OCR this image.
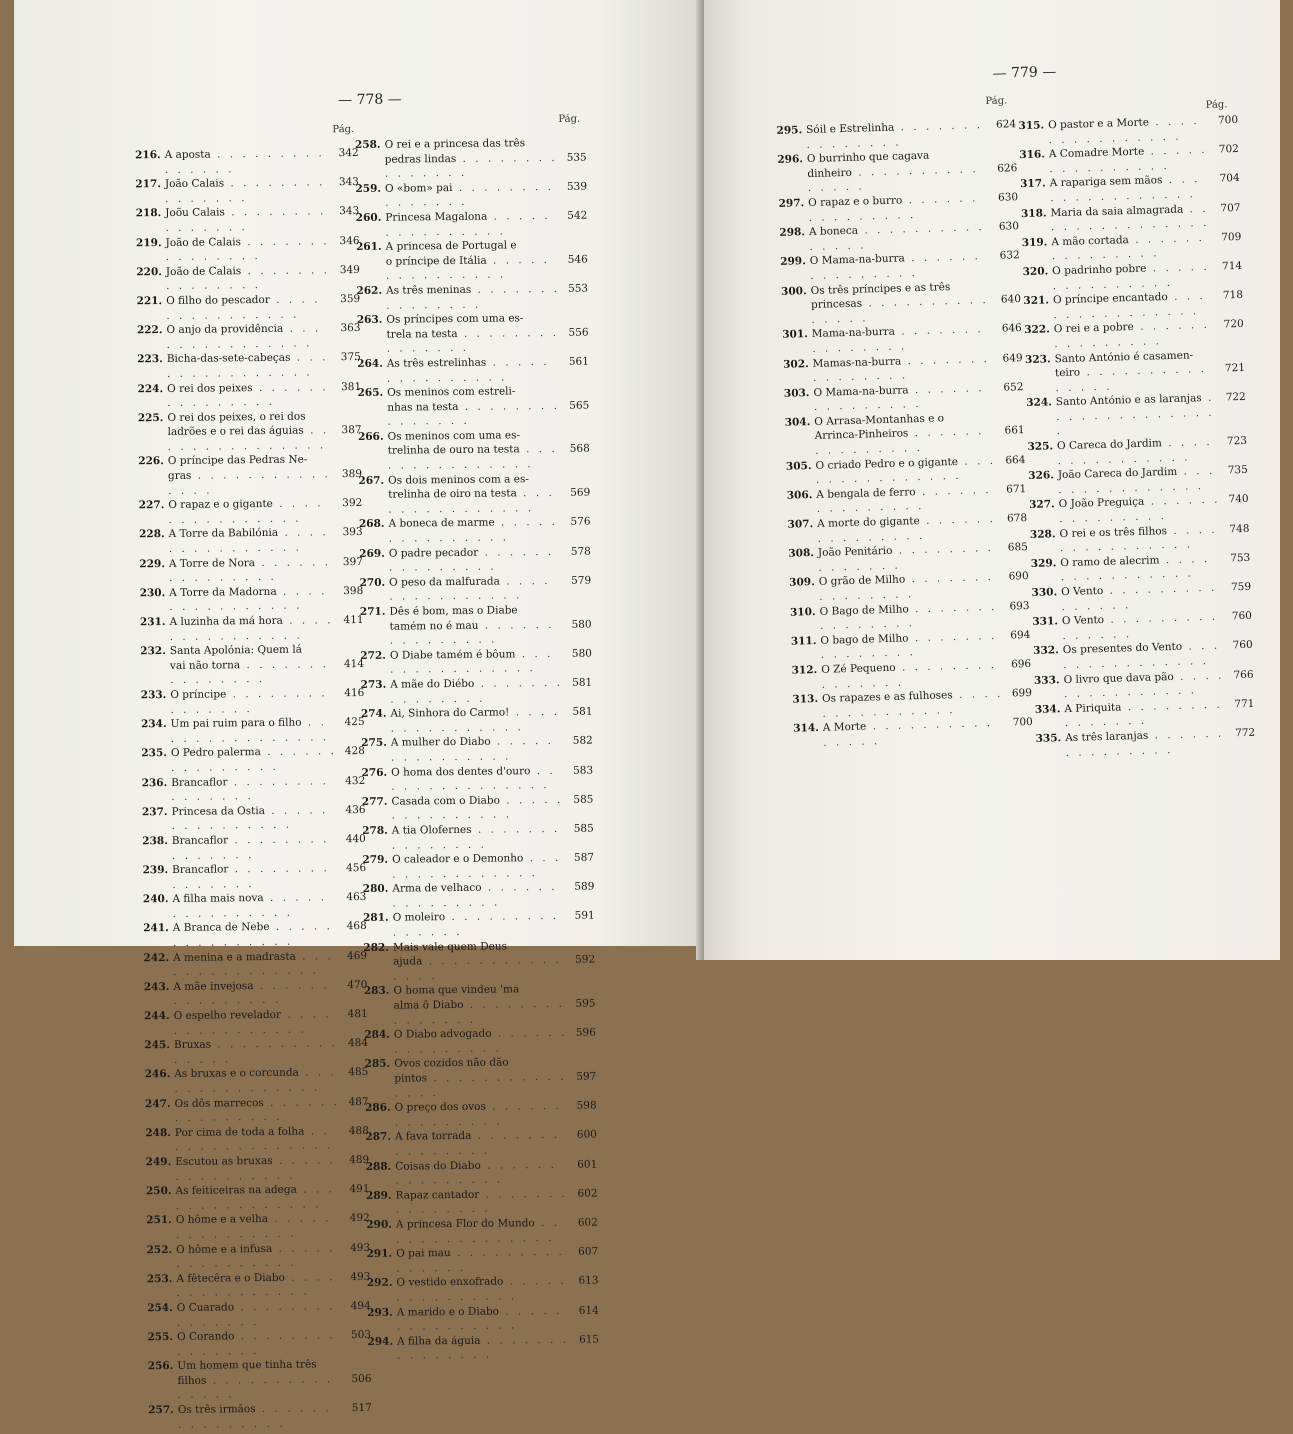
— 778 —
Pág.
216. A aposta . . . . . . . . . . . . . . .
342
217. João Calais . . . . . . . . . . . . . . .
343
218. Joõu Calais . . . . . . . . . . . . . . .
343
219. João de Calais . . . . . . . . . . . . . . .
346
220. João de Calais . . . . . . . . . . . . . . .
349
221. O filho do pescador . . . . . . . . . . . . . . .
359
222. O anjo da providência . . . . . . . . . . . . . . .
363
223. Bicha-das-sete-cabeças . . . . . . . . . . . . . . .
375
224. O rei dos peixes . . . . . . . . . . . . . . .
381
225. O rei dos peixes, o rei dos
ladrões e o rei das águias . . . . . . . . . . . . . . .
387
226. O príncipe das Pedras Ne-
gras . . . . . . . . . . . . . . .
389
227. O rapaz e o gigante . . . . . . . . . . . . . . .
392
228. A Torre da Babilónia . . . . . . . . . . . . . . .
393
229. A Torre de Nora . . . . . . . . . . . . . . .
397
230. A Torre da Madorna . . . . . . . . . . . . . . .
398
231. A luzinha da má hora . . . . . . . . . . . . . . .
411
232. Santa Apolónia: Quem lá
vai não torna . . . . . . . . . . . . . . .
414
233. O príncipe . . . . . . . . . . . . . . .
416
234. Um pai ruim para o filho . . . . . . . . . . . . . . .
425
235. O Pedro palerma . . . . . . . . . . . . . . .
428
236. Brancaflor . . . . . . . . . . . . . . .
432
237. Princesa da Ostia . . . . . . . . . . . . . . .
436
238. Brancaflor . . . . . . . . . . . . . . .
440
239. Brancaflor . . . . . . . . . . . . . . .
456
240. A filha mais nova . . . . . . . . . . . . . . .
463
241. A Branca de Nebe . . . . . . . . . . . . . . .
468
242. A menina e a madrasta . . . . . . . . . . . . . . .
469
243. A mãe invejosa . . . . . . . . . . . . . . .
470
244. O espelho revelador . . . . . . . . . . . . . . .
481
245. Bruxas . . . . . . . . . . . . . . .
484
246. As bruxas e o corcunda . . . . . . . . . . . . . . .
485
247. Os dôs marrecos . . . . . . . . . . . . . . .
487
248. Por cima de toda a folha . . . . . . . . . . . . . . .
488
249. Escutou as bruxas . . . . . . . . . . . . . . .
489
250. As feiticeiras na adega . . . . . . . . . . . . . . .
491
251. O hôme e a velha . . . . . . . . . . . . . . .
492
252. O hôme e a infusa . . . . . . . . . . . . . . .
493
253. A fêtecêra e o Diabo . . . . . . . . . . . . . . .
493
254. O Cuarado . . . . . . . . . . . . . . .
494
255. O Corando . . . . . . . . . . . . . . .
503
256. Um homem que tinha três
filhos . . . . . . . . . . . . . . .
506
257. Os três irmãos . . . . . . . . . . . . . . .
517
Pág.
258. O rei e a princesa das três
pedras lindas . . . . . . . . . . . . . . .
535
259. O «bom» pai . . . . . . . . . . . . . . .
539
260. Princesa Magalona . . . . . . . . . . . . . . .
542
261. A princesa de Portugal e
o príncipe de Itália . . . . . . . . . . . . . . .
546
262. As três meninas . . . . . . . . . . . . . . .
553
263. Os príncipes com uma es-
trela na testa . . . . . . . . . . . . . . .
556
264. As três estrelinhas . . . . . . . . . . . . . . .
561
265. Os meninos com estreli-
nhas na testa . . . . . . . . . . . . . . .
565
266. Os meninos com uma es-
trelinha de ouro na testa . . . . . . . . . . . . . . .
568
267. Os dois meninos com a es-
trelinha de oiro na testa . . . . . . . . . . . . . . .
569
268. A boneca de marme . . . . . . . . . . . . . . .
576
269. O padre pecador . . . . . . . . . . . . . . .
578
270. O peso da malfurada . . . . . . . . . . . . . . .
579
271. Dês é bom, mas o Diabe
tamém no é mau . . . . . . . . . . . . . . .
580
272. O Diabe tamém é bôum . . . . . . . . . . . . . . .
580
273. A mãe do Diébo . . . . . . . . . . . . . . .
581
274. Ai, Sinhora do Carmo! . . . . . . . . . . . . . . .
581
275. A mulher do Diabo . . . . . . . . . . . . . . .
582
276. O homa dos dentes d'ouro . . . . . . . . . . . . . . .
583
277. Casada com o Diabo . . . . . . . . . . . . . . .
585
278. A tia Olofernes . . . . . . . . . . . . . . .
585
279. O caleador e o Demonho . . . . . . . . . . . . . . .
587
280. Arma de velhaco . . . . . . . . . . . . . . .
589
281. O moleiro . . . . . . . . . . . . . . .
591
282. Mais vale quem Deus
ajuda . . . . . . . . . . . . . . .
592
283. O homa que vindeu 'ma
alma ô Diabo . . . . . . . . . . . . . . .
595
284. O Diabo advogado . . . . . . . . . . . . . . .
596
285. Ovos cozidos não dão
pintos . . . . . . . . . . . . . . .
597
286. O preço dos ovos . . . . . . . . . . . . . . .
598
287. A fava torrada . . . . . . . . . . . . . . .
600
288. Coisas do Diabo . . . . . . . . . . . . . . .
601
289. Rapaz cantador . . . . . . . . . . . . . . .
602
290. A princesa Flor do Mundo . . . . . . . . . . . . . . .
602
291. O pai mau . . . . . . . . . . . . . . .
607
292. O vestido enxofrado . . . . . . . . . . . . . . .
613
293. A marido e o Diabo . . . . . . . . . . . . . . .
614
294. A filha da águia . . . . . . . . . . . . . . .
615
— 779 —
Pág.
295. Sóil e Estrelinha . . . . . . . . . . . . . . .
624
296. O burrinho que cagava
dinheiro . . . . . . . . . . . . . . .
626
297. O rapaz e o burro . . . . . . . . . . . . . . .
630
298. A boneca . . . . . . . . . . . . . . .
630
299. O Mama-na-burra . . . . . . . . . . . . . . .
632
300. Os três príncipes e as três
princesas . . . . . . . . . . . . . . .
640
301. Mama-na-burra . . . . . . . . . . . . . . .
646
302. Mamas-na-burra . . . . . . . . . . . . . . .
649
303. O Mama-na-burra . . . . . . . . . . . . . . .
652
304. O Arrasa-Montanhas e o
Arrinca-Pinheiros . . . . . . . . . . . . . . .
661
305. O criado Pedro e o gigante . . . . . . . . . . . . . . .
664
306. A bengala de ferro . . . . . . . . . . . . . . .
671
307. A morte do gigante . . . . . . . . . . . . . . .
678
308. João Penitário . . . . . . . . . . . . . . .
685
309. O grão de Milho . . . . . . . . . . . . . . .
690
310. O Bago de Milho . . . . . . . . . . . . . . .
693
311. O bago de Milho . . . . . . . . . . . . . . .
694
312. O Zé Pequeno . . . . . . . . . . . . . . .
696
313. Os rapazes e as fulhoses . . . . . . . . . . . . . . .
699
314. A Morte . . . . . . . . . . . . . . .
700
Pág.
315. O pastor e a Morte . . . . . . . . . . . . . . .
700
316. A Comadre Morte . . . . . . . . . . . . . . .
702
317. A rapariga sem mãos . . . . . . . . . . . . . . .
704
318. Maria da saia almagrada . . . . . . . . . . . . . . .
707
319. A mão cortada . . . . . . . . . . . . . . .
709
320. O padrinho pobre . . . . . . . . . . . . . . .
714
321. O príncipe encantado . . . . . . . . . . . . . . .
718
322. O rei e a pobre . . . . . . . . . . . . . . .
720
323. Santo António é casamen-
teiro . . . . . . . . . . . . . . .
721
324. Santo António e as laranjas . . . . . . . . . . . . . . .
722
325. O Careca do Jardim . . . . . . . . . . . . . . .
723
326. João Careca do Jardim . . . . . . . . . . . . . . .
735
327. O João Preguiça . . . . . . . . . . . . . . .
740
328. O rei e os três filhos . . . . . . . . . . . . . . .
748
329. O ramo de alecrim . . . . . . . . . . . . . . .
753
330. O Vento . . . . . . . . . . . . . . .
759
331. O Vento . . . . . . . . . . . . . . .
760
332. Os presentes do Vento . . . . . . . . . . . . . . .
760
333. O livro que dava pão . . . . . . . . . . . . . . .
766
334. A Piriquita . . . . . . . . . . . . . . .
771
335. As três laranjas . . . . . . . . . . . . . . .
772
